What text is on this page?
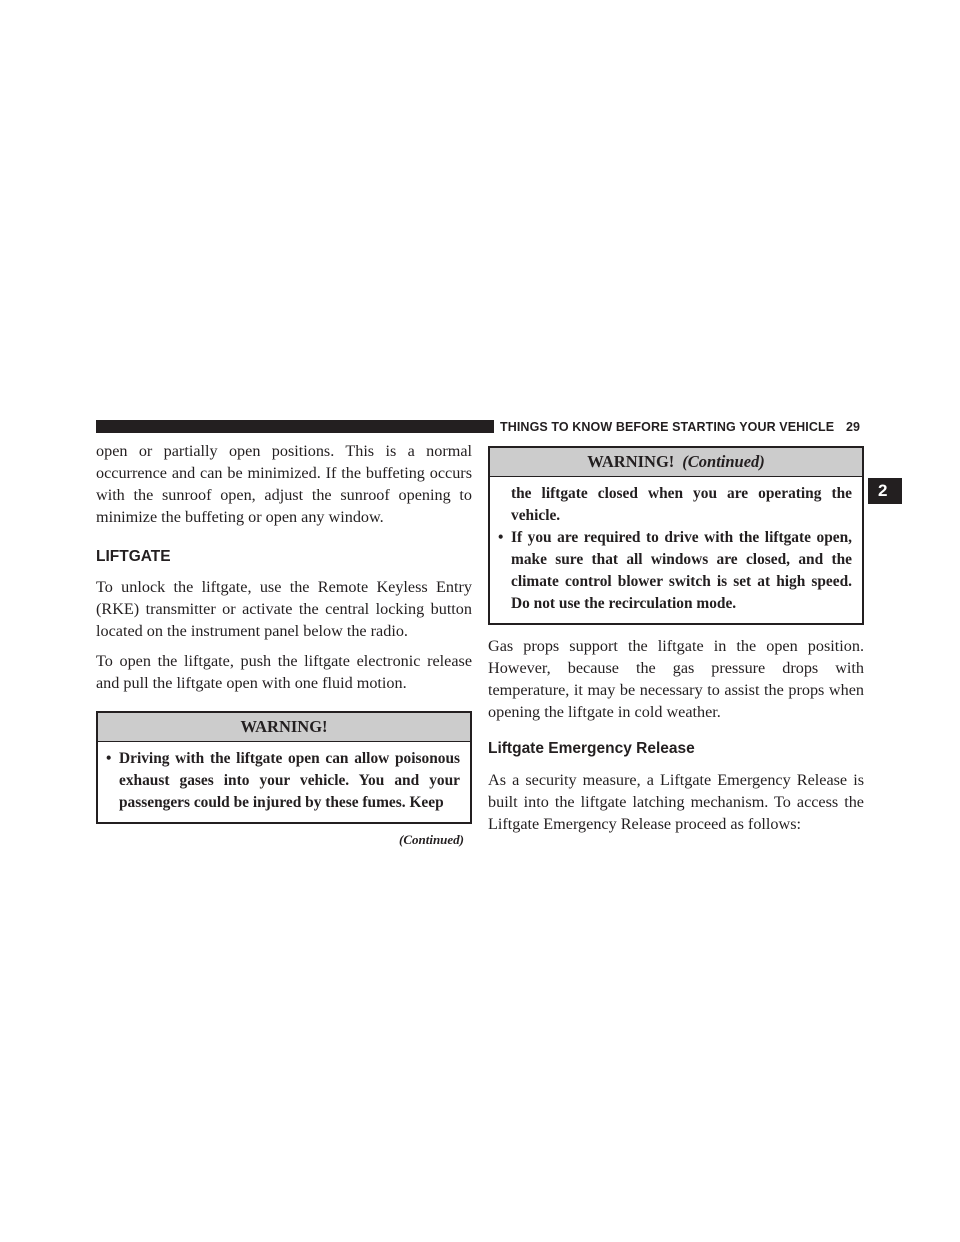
THINGS TO KNOW BEFORE STARTING YOUR VEHICLE 29
2

open or partially open positions. This is a normal occurrence and can be minimized. If the buffeting occurs with the sunroof open, adjust the sunroof opening to minimize the buffeting or open any window.

LIFTGATE

To unlock the liftgate, use the Remote Keyless Entry (RKE) transmitter or activate the central locking button located on the instrument panel below the radio.

To open the liftgate, push the liftgate electronic release and pull the liftgate open with one fluid motion.

WARNING!
• Driving with the liftgate open can allow poisonous exhaust gases into your vehicle. You and your passengers could be injured by these fumes. Keep
(Continued)
WARNING! (Continued)
the liftgate closed when you are operating the vehicle.
• If you are required to drive with the liftgate open, make sure that all windows are closed, and the climate control blower switch is set at high speed. Do not use the recirculation mode.

Gas props support the liftgate in the open position. However, because the gas pressure drops with temperature, it may be necessary to assist the props when opening the liftgate in cold weather.

Liftgate Emergency Release

As a security measure, a Liftgate Emergency Release is built into the liftgate latching mechanism. To access the Liftgate Emergency Release proceed as follows:
